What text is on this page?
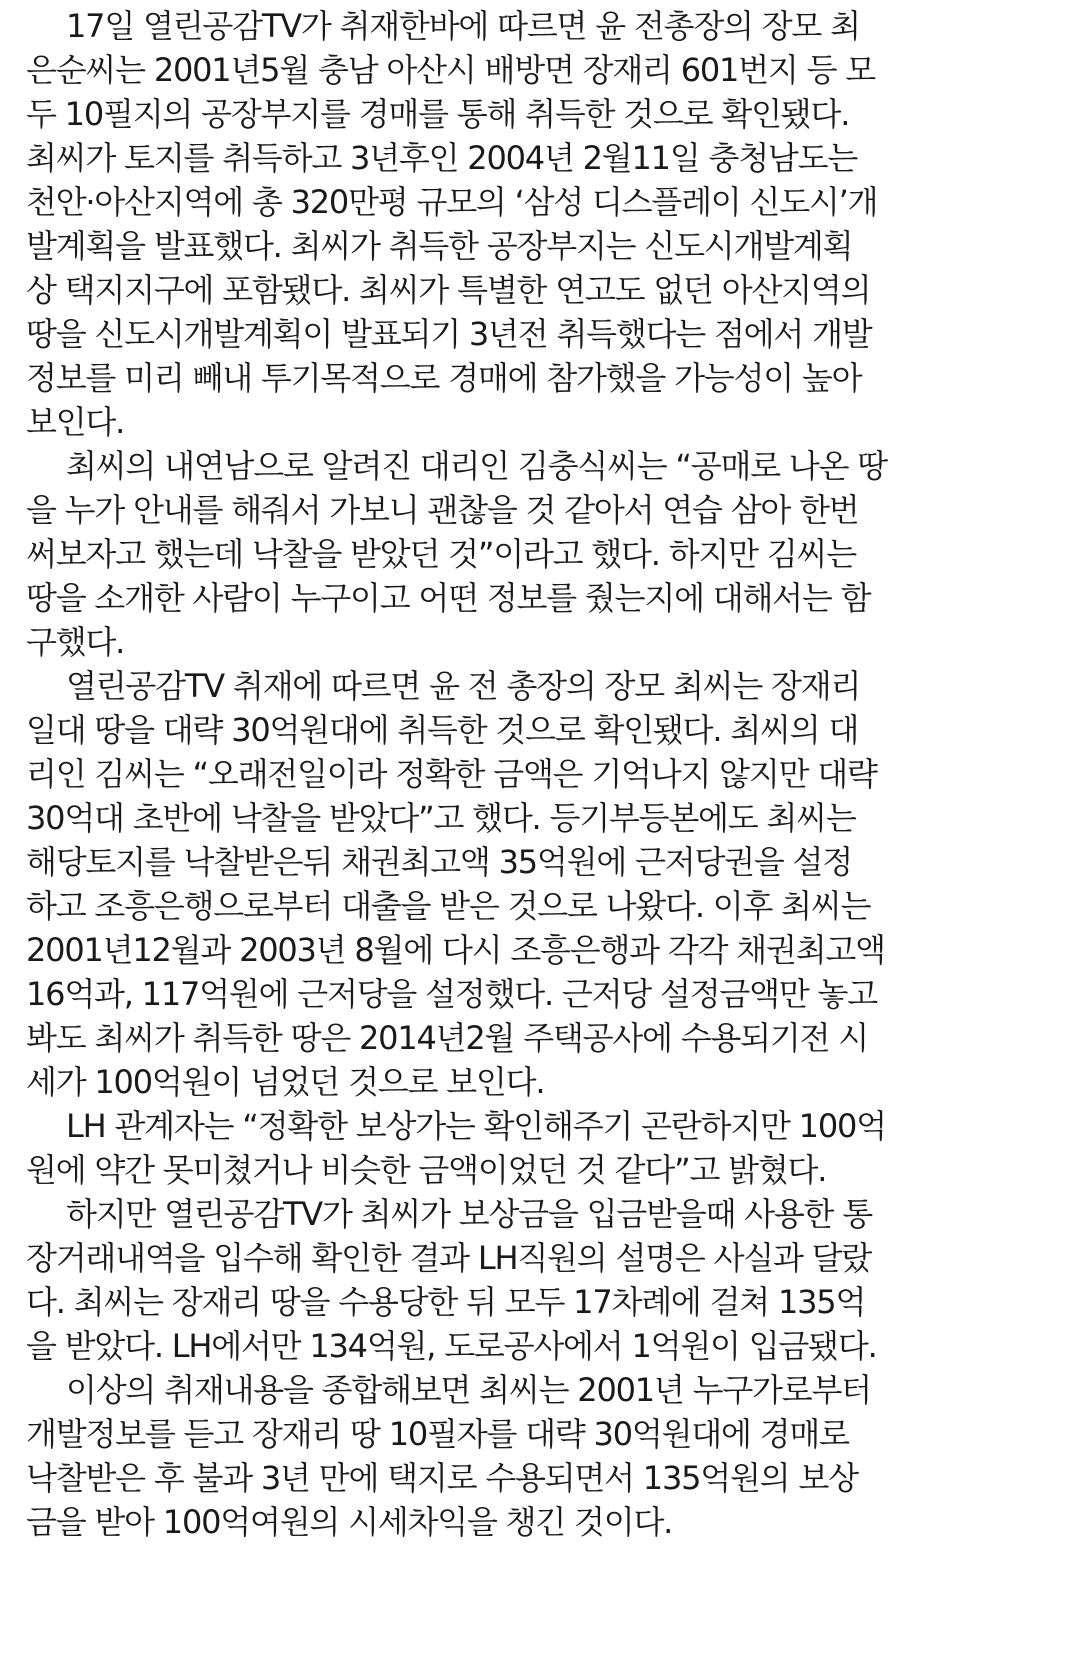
17일 열린공감TV가 취재한바에 따르면 윤 전총장의 장모 최
은순씨는 2001년5월 충남 아산시 배방면 장재리 601번지 등 모
두 10필지의 공장부지를 경매를 통해 취득한 것으로 확인됐다.
최씨가 토지를 취득하고 3년후인 2004년 2월11일 충청남도는
천안·아산지역에 총 320만평 규모의 ‘삼성 디스플레이 신도시’개
발계획을 발표했다. 최씨가 취득한 공장부지는 신도시개발계획
상 택지지구에 포함됐다. 최씨가 특별한 연고도 없던 아산지역의
땅을 신도시개발계획이 발표되기 3년전 취득했다는 점에서 개발
정보를 미리 빼내 투기목적으로 경매에 참가했을 가능성이 높아
보인다.
최씨의 내연남으로 알려진 대리인 김충식씨는 “공매로 나온 땅
을 누가 안내를 해줘서 가보니 괜찮을 것 같아서 연습 삼아 한번
써보자고 했는데 낙찰을 받았던 것”이라고 했다. 하지만 김씨는
땅을 소개한 사람이 누구이고 어떤 정보를 줬는지에 대해서는 함
구했다.
열린공감TV 취재에 따르면 윤 전 총장의 장모 최씨는 장재리
일대 땅을 대략 30억원대에 취득한 것으로 확인됐다. 최씨의 대
리인 김씨는 “오래전일이라 정확한 금액은 기억나지 않지만 대략
30억대 초반에 낙찰을 받았다”고 했다. 등기부등본에도 최씨는
해당토지를 낙찰받은뒤 채권최고액 35억원에 근저당권을 설정
하고 조흥은행으로부터 대출을 받은 것으로 나왔다. 이후 최씨는
2001년12월과 2003년 8월에 다시 조흥은행과 각각 채권최고액
16억과, 117억원에 근저당을 설정했다. 근저당 설정금액만 놓고
봐도 최씨가 취득한 땅은 2014년2월 주택공사에 수용되기전 시
세가 100억원이 넘었던 것으로 보인다.
LH 관계자는 “정확한 보상가는 확인해주기 곤란하지만 100억
원에 약간 못미쳤거나 비슷한 금액이었던 것 같다”고 밝혔다.
하지만 열린공감TV가 최씨가 보상금을 입금받을때 사용한 통
장거래내역을 입수해 확인한 결과 LH직원의 설명은 사실과 달랐
다. 최씨는 장재리 땅을 수용당한 뒤 모두 17차례에 걸쳐 135억
을 받았다. LH에서만 134억원, 도로공사에서 1억원이 입금됐다.
이상의 취재내용을 종합해보면 최씨는 2001년 누구가로부터
개발정보를 듣고 장재리 땅 10필자를 대략 30억원대에 경매로
낙찰받은 후 불과 3년 만에 택지로 수용되면서 135억원의 보상
금을 받아 100억여원의 시세차익을 챙긴 것이다.
